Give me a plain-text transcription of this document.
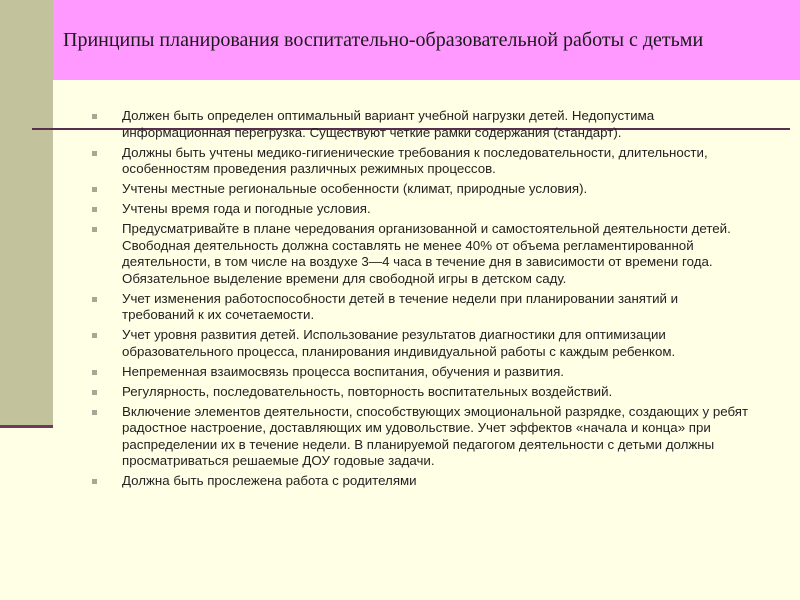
Принципы планирования воспитательно-образовательной работы с детьми
Должен быть определен оптимальный вариант учебной нагрузки детей. Недопустима информационная перегрузка. Существуют четкие рамки содержания (стандарт).
Должны быть учтены медико-гигиенические требования к последовательности, длительности, особенностям проведения различных режимных процессов.
Учтены местные региональные особенности (климат, природные условия).
Учтены время года и погодные условия.
Предусматривайте в плане чередования организованной и самостоятельной деятельности детей. Свободная деятельность должна составлять не менее 40% от объема регламентированной деятельности, в том числе на воздухе 3—4 часа в течение дня в зависимости от времени года. Обязательное выделение времени для свободной игры в детском саду.
Учет изменения работоспособности детей в течение недели при планировании занятий и требований к их сочетаемости.
Учет уровня развития детей. Использование результатов диагностики для оптимизации образовательного процесса, планирования индивидуальной работы с каждым ребенком.
Непременная взаимосвязь процесса воспитания, обучения и развития.
Регулярность, последовательность, повторность воспитательных воздействий.
Включение элементов деятельности, способствующих эмоциональной разрядке, создающих у ребят радостное настроение, доставляющих им удовольствие. Учет эффектов «начала и конца» при распределении их в течение недели. В планируемой педагогом деятельности с детьми должны просматриваться решаемые ДОУ годовые задачи.
Должна быть прослежена работа с родителями
